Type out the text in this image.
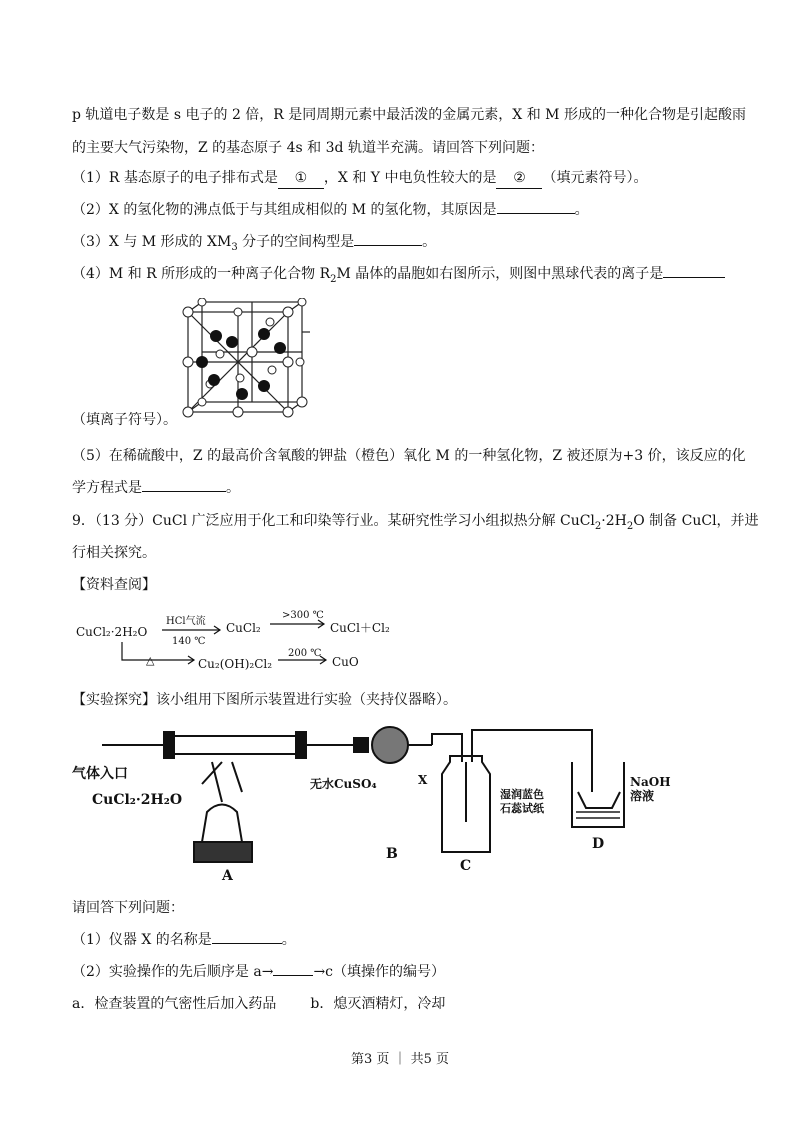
p 轨道电子数是 s 电子的 2 倍，R 是同周期元素中最活泼的金属元素，X 和 M 形成的一种化合物是引起酸雨
的主要大气污染物，Z 的基态原子 4s 和 3d 轨道半充满。请回答下列问题：
（1）R 基态原子的电子排布式是 ① ，X 和 Y 中电负性较大的是 ② （填元素符号）。
（2）X 的氢化物的沸点低于与其组成相似的 M 的氢化物，其原因是	。
（3）X 与 M 形成的 $XM_3$ 分子的空间构型是	。
（4）M 和 R 所形成的一种离子化合物 $R_2M$ 晶体的晶胞如右图所示，则图中黑球代表的离子是
（填离子符号）。
（5）在稀硫酸中，Z 的最高价含氧酸的钾盐（橙色）氧化 M 的一种氢化物，Z 被还原为+3 价，该反应的化
学方程式是	。
9．（13 分）CuCl 广泛应用于化工和印染等行业。某研究性学习小组拟热分解 $CuCl_2\cdot 2H_2O$ 制备 CuCl，并进
行相关探究。
【资料查阅】
CuCl₂·2H₂O
HCl气流
140 ℃
CuCl₂
>300 ℃
CuCl＋Cl₂
△	Cu₂(OH)₂Cl₂
200 ℃
CuO
【实验探究】该小组用下图所示装置进行实验（夹持仪器略）。
气体入口
CuCl₂·2H₂O
无水CuSO₄	X
湿润蓝色
石蕊试纸
NaOH
溶液
A
B
C
D
请回答下列问题：
（1）仪器 X 的名称是	。
（2）实验操作的先后顺序是 a→	→c（填操作的编号）
a．检查装置的气密性后加入药品 b．熄灭酒精灯，冷却
第3 页 ｜ 共5 页
